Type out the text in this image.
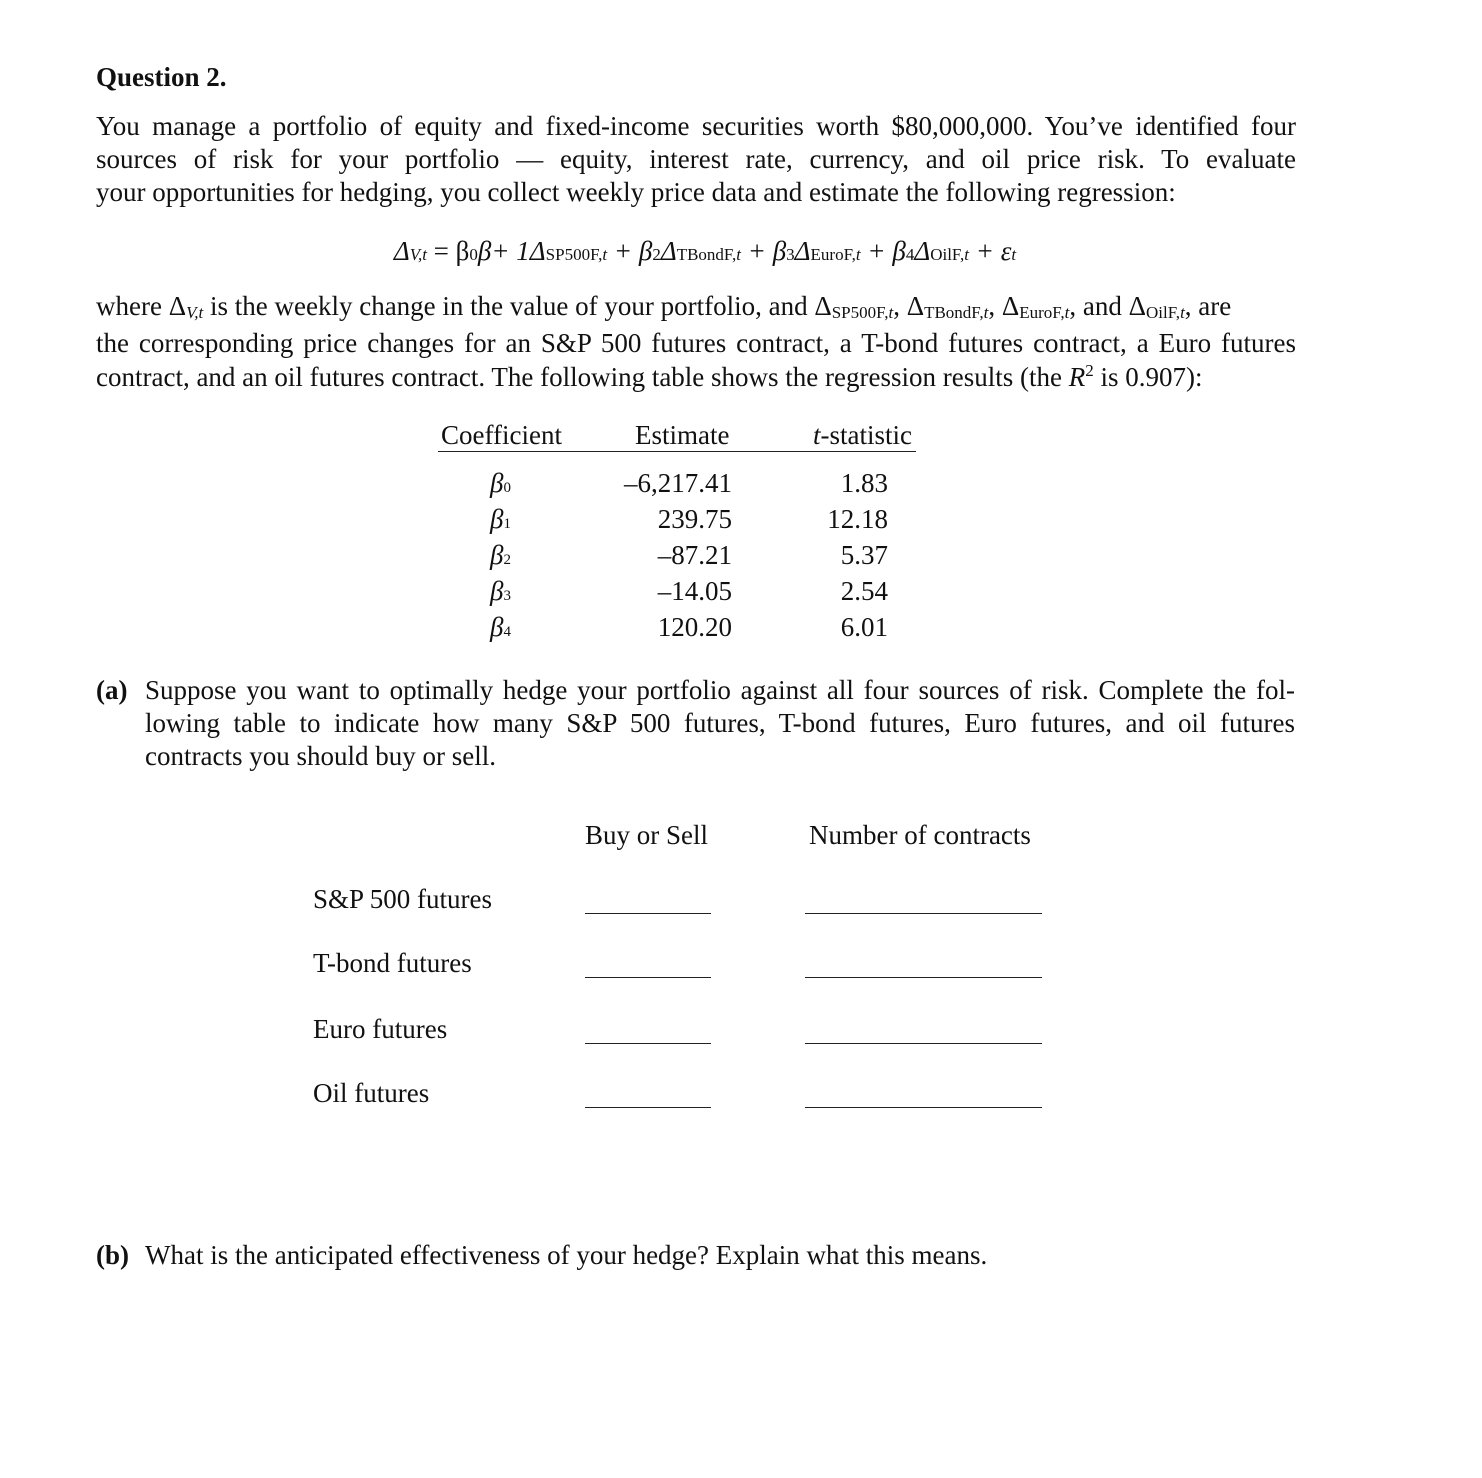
Question 2.
You manage a portfolio of equity and fixed-income securities worth $80,000,000. You’ve identified four
sources of risk for your portfolio — equity, interest rate, currency, and oil price risk. To evaluate
your opportunities for hedging, you collect weekly price data and estimate the following regression:
ΔV,t = β0β+ 1ΔSP500F,t + β2ΔTBondF,t + β3ΔEuroF,t + β4ΔOilF,t + εt
where $\Delta_{V,t}$ is the weekly change in the value of your portfolio, and $\Delta_{SP500F,t}$, $\Delta_{TBondF,t}$, $\Delta_{EuroF,t}$, and $\Delta_{OilF,t}$, are
the corresponding price changes for an S&P 500 futures contract, a T-bond futures contract, a Euro futures
contract, and an oil futures contract. The following table shows the regression results (the $R^2$ is 0.907):
Coefficient	Estimate	t-statistic
β0	–6,217.41	1.83
β1	239.75	12.18
β2	–87.21	5.37
β3	–14.05	2.54
β4	120.20	6.01
(a) Suppose you want to optimally hedge your portfolio against all four sources of risk. Complete the fol-
lowing table to indicate how many S&P 500 futures, T-bond futures, Euro futures, and oil futures
contracts you should buy or sell.
Buy or Sell	Number of contracts
S&P 500 futures
T-bond futures
Euro futures
Oil futures
(b) What is the anticipated effectiveness of your hedge? Explain what this means.
